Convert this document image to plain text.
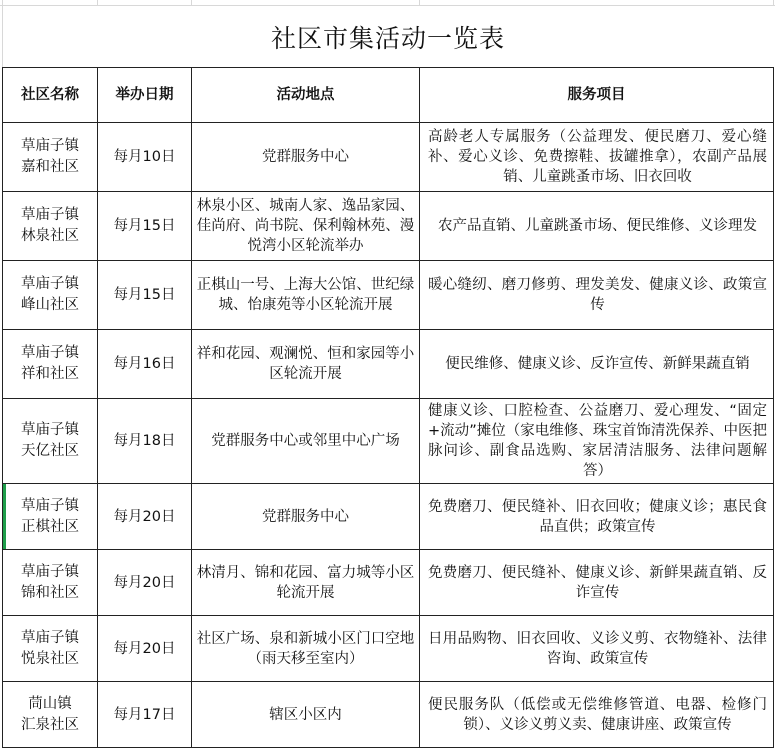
社区市集活动一览表
社区名称	举办日期	活动地点	服务项目

草庙子镇
嘉和社区	每月10日	党群服务中心	高龄老人专属服务（公益理发、便民磨刀、爱心缝补、爱心义诊、免费擦鞋、拔罐推拿），农副产品展销、儿童跳蚤市场、旧衣回收

草庙子镇
林泉社区	每月15日	林泉小区、城南人家、逸品家园、佳尚府、尚书院、保利翰林苑、漫悦湾小区轮流举办	农产品直销、儿童跳蚤市场、便民维修、义诊理发

草庙子镇
峰山社区	每月15日	正棋山一号、上海大公馆、世纪绿城、怡康苑等小区轮流开展	暖心缝纫、磨刀修剪、理发美发、健康义诊、政策宣传

草庙子镇
祥和社区	每月16日	祥和花园、观澜悦、恒和家园等小区轮流开展	便民维修、健康义诊、反诈宣传、新鲜果蔬直销

草庙子镇
天亿社区	每月18日	党群服务中心或邻里中心广场	健康义诊、口腔检查、公益磨刀、爱心理发、“固定+流动”摊位（家电维修、珠宝首饰清洗保养、中医把脉问诊、副食品选购、家居清洁服务、法律问题解答）

草庙子镇
正棋社区	每月20日	党群服务中心	免费磨刀、便民缝补、旧衣回收；健康义诊；惠民食品直供；政策宣传

草庙子镇
锦和社区	每月20日	林清月、锦和花园、富力城等小区轮流开展	免费磨刀、便民缝补、健康义诊、新鲜果蔬直销、反诈宣传

草庙子镇
悦泉社区	每月20日	社区广场、泉和新城小区门口空地（雨天移至室内）	日用品购物、旧衣回收、义诊义剪、衣物缝补、法律咨询、政策宣传

茼山镇
汇泉社区	每月17日	辖区小区内	便民服务队（低偿或无偿维修管道、电器、检修门锁）、义诊义剪义卖、健康讲座、政策宣传
